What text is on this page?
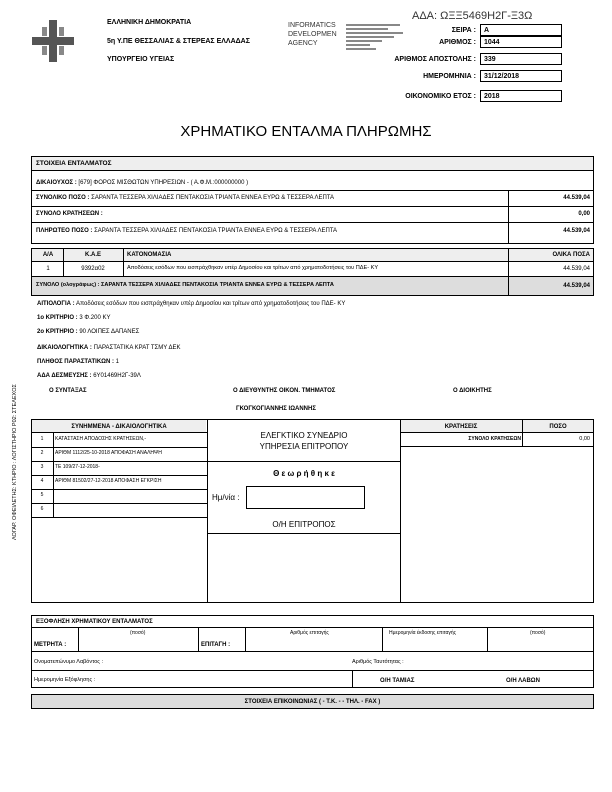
ΕΛΛΗΝΙΚΗ ΔΗΜΟΚΡΑΤΙΑ
5η Υ.ΠΕ ΘΕΣΣΑΛΙΑΣ & ΣΤΕΡΕΑΣ ΕΛΛΑΔΑΣ
ΥΠΟΥΡΓΕΙΟ ΥΓΕΙΑΣ
INFORMATICS
DEVELOPMEN
AGENCY
ΑΔΑ: ΩΞΞ5469Η2Γ-Ξ3Ω
ΣΕΙΡΑ : Α
ΑΡΙΘΜΟΣ : 1044
ΑΡΙΘΜΟΣ ΑΠΟΣΤΟΛΗΣ : 339
ΗΜΕΡΟΜΗΝΙΑ : 31/12/2018
ΟΙΚΟΝΟΜΙΚΟ ΕΤΟΣ : 2018
ΧΡΗΜΑΤΙΚΟ ΕΝΤΑΛΜΑ ΠΛΗΡΩΜΗΣ
ΣΤΟΙΧΕΙΑ ΕΝΤΑΛΜΑΤΟΣ
ΔΙΚΑΙΟΥΧΟΣ : [679] ΦΟΡΟΣ ΜΙΣΘΩΤΩΝ ΥΠΗΡΕΣΙΩΝ - ( Α.Φ.Μ.:000000000 )
ΣΥΝΟΛΙΚΟ ΠΟΣΟ : ΣΑΡΑΝΤΑ ΤΕΣΣΕΡΑ ΧΙΛΙΑΔΕΣ ΠΕΝΤΑΚΟΣΙΑ ΤΡΙΑΝΤΑ ΕΝΝΕΑ ΕΥΡΩ & ΤΕΣΣΕΡΑ ΛΕΠΤΑ	44.539,04
ΣΥΝΟΛΟ ΚΡΑΤΗΣΕΩΝ :	0,00
ΠΛΗΡΩΤΕΟ ΠΟΣΟ : ΣΑΡΑΝΤΑ ΤΕΣΣΕΡΑ ΧΙΛΙΑΔΕΣ ΠΕΝΤΑΚΟΣΙΑ ΤΡΙΑΝΤΑ ΕΝΝΕΑ ΕΥΡΩ & ΤΕΣΣΕΡΑ ΛΕΠΤΑ	44.539,04
Α/Α	Κ.Α.Ε	ΚΑΤΟΝΟΜΑΣΙΑ	ΟΛΙΚΑ ΠΟΣΑ
1	9392α02	Αποδόσεις εσόδων που εισπράχθηκαν υπέρ Δημοσίου και τρίτων από χρηματοδοτήσεις του ΠΔΕ- ΚΥ	44.539,04
ΣΥΝΟΛΟ (ολογράφως) : ΣΑΡΑΝΤΑ ΤΕΣΣΕΡΑ ΧΙΛΙΑΔΕΣ ΠΕΝΤΑΚΟΣΙΑ ΤΡΙΑΝΤΑ ΕΝΝΕΑ ΕΥΡΩ & ΤΕΣΣΕΡΑ ΛΕΠΤΑ	44.539,04
ΑΙΤΙΟΛΟΓΙΑ : Αποδόσεις εσόδων που εισπράχθηκαν υπέρ Δημοσίου και τρίτων από χρηματοδοτήσεις του ΠΔΕ- ΚΥ
1ο ΚΡΙΤΗΡΙΟ : 3 Φ.200 ΚΥ
2ο ΚΡΙΤΗΡΙΟ : 90 ΛΟΙΠΕΣ ΔΑΠΑΝΕΣ
ΔΙΚΑΙΟΛΟΓΗΤΙΚΑ : ΠΑΡΑΣΤΑΤΙΚΑ ΚΡΑΤ ΤΣΜΥ ΔΕΚ
ΠΛΗΘΟΣ ΠΑΡΑΣΤΑΤΙΚΩΝ : 1
ΑΔΑ ΔΕΣΜΕΥΣΗΣ : 6Υ01469Η2Γ-39Λ
ΛΟΓΑΡ. ΟΦΕΙΛΕΤΗΣ: ΚΤΗΡΙΟ : ΛΟΓΙΣΤΗΡΙΟ Ρ02: ΣΤΕΛΕΧΟΣ	Ο ΣΥΝΤΑΞΑΣ	Ο ΔΙΕΥΘΥΝΤΗΣ ΟΙΚΟΝ. ΤΜΗΜΑΤΟΣ	Ο ΔΙΟΙΚΗΤΗΣ
ΓΚΟΓΚΟΓΙΑΝΝΗΣ ΙΩΑΝΝΗΣ
ΣΥΝΗΜΜΕΝΑ - ΔΙΚΑΙΟΛΟΓΗΤΙΚΑ
1	ΚΑΤΑΣΤΑΣΗ ΑΠΟΔΟΣΗΣ ΚΡΑΤΗΣΕΩΝ,-
2	ΑΡΙΘΜ 1112/25-10-2018 ΑΠΟΦΑΣΗ ΑΝΑΛΗΨΗ
3	ΤΕ 109/27-12-2018-
4	ΑΡΙΘΜ 81502/27-12-2018 ΑΠΟΦΑΣΗ ΕΓΚΡΙΣΗ
5
6
ΕΛΕΓΚΤΙΚΟ ΣΥΝΕΔΡΙΟ
ΥΠΗΡΕΣΙΑ ΕΠΙΤΡΟΠΟΥ
Θ ε ω ρ ή θ η κ ε
Ημ/νία :
Ο/Η ΕΠΙΤΡΟΠΟΣ
ΚΡΑΤΗΣΕΙΣ	ΠΟΣΟ
ΣΥΝΟΛΟ ΚΡΑΤΗΣΕΩΝ	0,00
ΕΞΟΦΛΗΣΗ ΧΡΗΜΑΤΙΚΟΥ ΕΝΤΑΛΜΑΤΟΣ
ΜΕΤΡΗΤΑ :
(ποσό)
ΕΠΙΤΑΓΗ :
Αριθμός επιταγής	Ημερομηνία έκδοσης επιταγής	(ποσό)
Ονοματεπώνυμο Λαβόντος :	Αριθμός Ταυτότητας :
Ημερομηνία Εξόφλησης :	Ο/Η ΤΑΜΙΑΣ	Ο/Η ΛΑΒΩΝ
ΣΤΟΙΧΕΙΑ ΕΠΙΚΟΙΝΩΝΙΑΣ ( - Τ.Κ. - - ΤΗΛ. - FAX )
